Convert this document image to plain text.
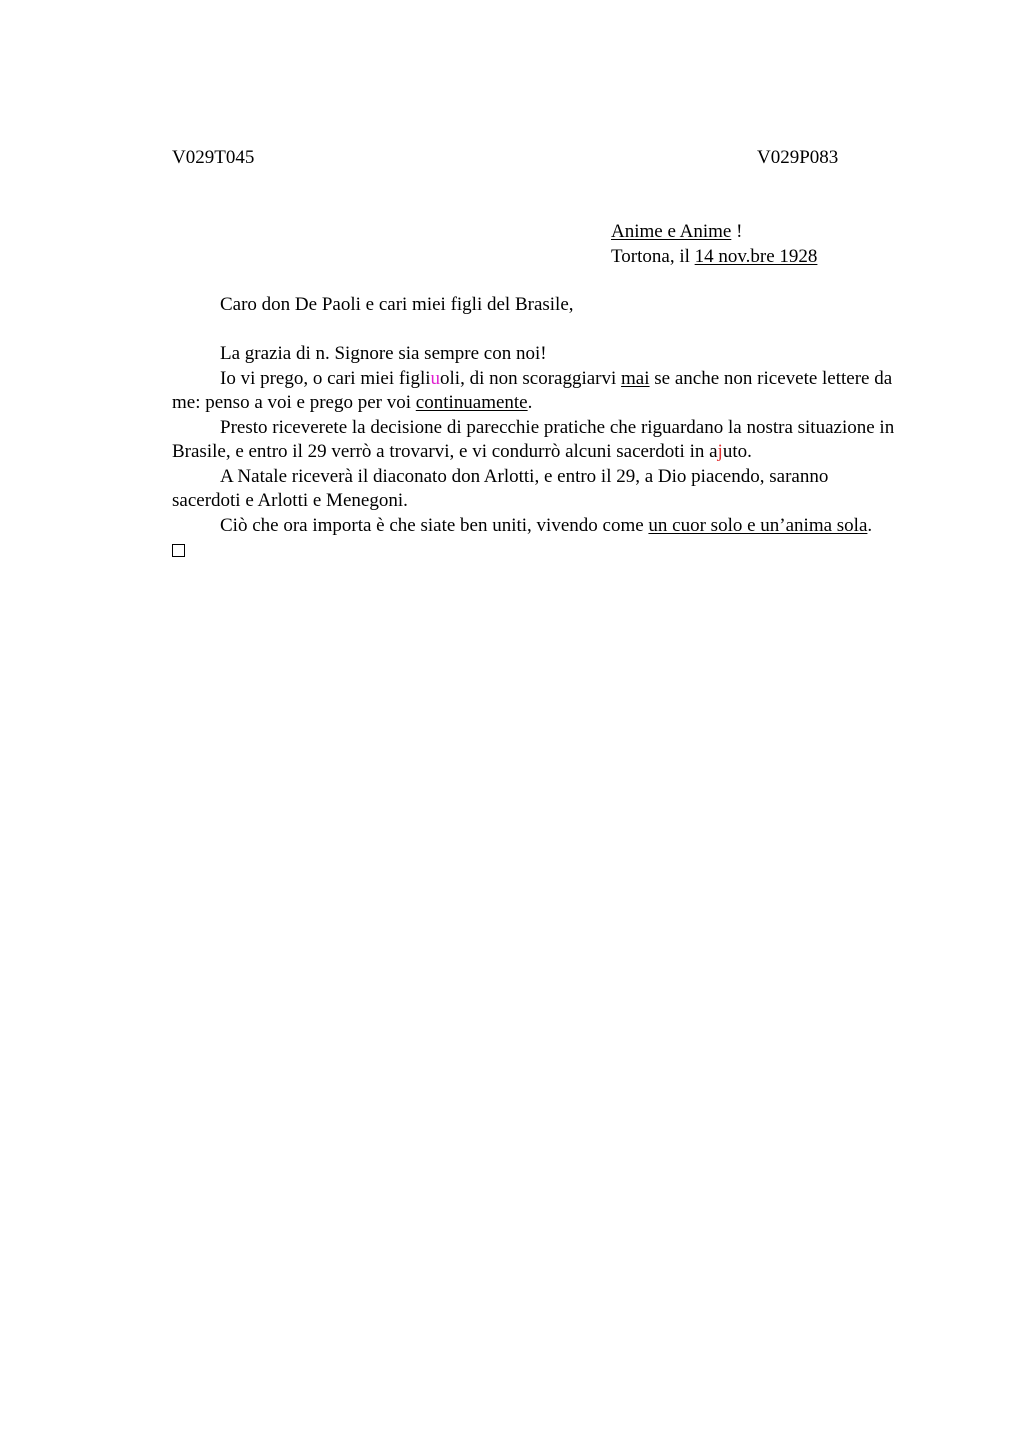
V029T045	V029P083
Anime e Anime !
Tortona, il 14 nov.bre 1928
Caro don De Paoli e cari miei figli del Brasile,

La grazia di n. Signore sia sempre con noi!

Io vi prego, o cari miei figliuoli, di non scoraggiarvi mai se anche non ricevete lettere da me: penso a voi e prego per voi continuamente.

Presto riceverete la decisione di parecchie pratiche che riguardano la nostra situazione in Brasile, e entro il 29 verrò a trovarvi, e vi condurrò alcuni sacerdoti in ajuto.

A Natale riceverà il diaconato don Arlotti, e entro il 29, a Dio piacendo, saranno sacerdoti e Arlotti e Menegoni.

Ciò che ora importa è che siate ben uniti, vivendo come un cuor solo e un’anima sola.
